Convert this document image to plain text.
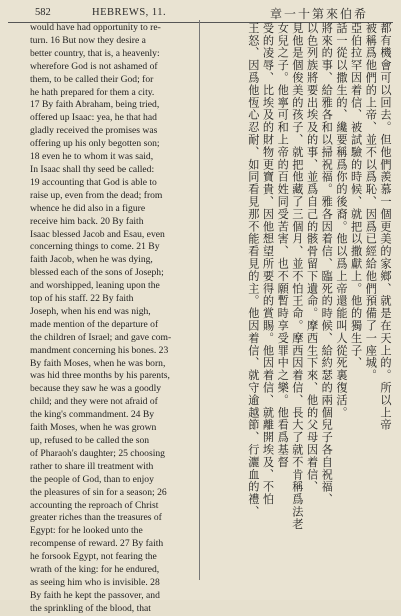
582	HEBREWS, 11.	章一十第來伯希
would have had opportunity to re-
turn. 16 But now they desire a
better country, that is, a heavenly:
wherefore God is not ashamed of
them, to be called their God; for
he hath prepared for them a city.
17 By faith Abraham, being tried,
offered up Isaac: yea, he that had
gladly received the promises was
offering up his only begotten son;
18 even he to whom it was said,
In Isaac shall thy seed be called:
19 accounting that God is able to
raise up, even from the dead; from
whence he did also in a figure
receive him back. 20 By faith
Isaac blessed Jacob and Esau, even
concerning things to come. 21 By
faith Jacob, when he was dying,
blessed each of the sons of Joseph;
and worshipped, leaning upon the
top of his staff. 22 By faith
Joseph, when his end was nigh,
made mention of the departure of
the children of Israel; and gave com-
mandment concerning his bones. 23
By faith Moses, when he was born,
was hid three months by his parents,
because they saw he was a goodly
child; and they were not afraid of
the king's commandment. 24 By
faith Moses, when he was grown
up, refused to be called the son
of Pharaoh's daughter; 25 choosing
rather to share ill treatment with
the people of God, than to enjoy
the pleasures of sin for a season; 26
accounting the reproach of Christ
greater riches than the treasures of
Egypt: for he looked unto the
recompense of reward. 27 By faith
he forsook Egypt, not fearing the
wrath of the king: for he endured,
as seeing him who is invisible. 28
By faith he kept the passover, and
the sprinkling of the blood, that
都有機會可以回去。但他們羨慕一個更美的家鄉、就是在天上的。所以上帝
被稱爲他們的上帝、並不以爲恥、因爲已經給他們預備了一座城。
亞伯拉罕因着信、被試驗的時候、就把以撒獻上。他的獨生子、
話一從以撒生的、纔要稱爲你的後裔。他以爲上帝還能叫人從死裏復活。
將來的事、給雅各和以掃祝福。雅各因着信、臨死的時候、給約瑟的兩個兒子各自祝福、
以色列族將要出埃及的事、並爲自己的骸骨留下遺命。摩西生下來、他的父母因着信、
見他是個俊美的孩子、就把他藏了三個月、並不怕王命。摩西因着信、長大了就不肯稱爲法老
女兒之子。他寧可和上帝的百姓同受苦害、也不願暫時享受罪中之樂。他看爲基督
受的凌辱、比埃及的財物更寶貴、因他想望所要得的賞賜。他因着信、就離開埃及、不怕
王怒、因爲他恆心忍耐、如同看見那不能看見的主。他因着信、就守逾越節、行灑血的禮、
